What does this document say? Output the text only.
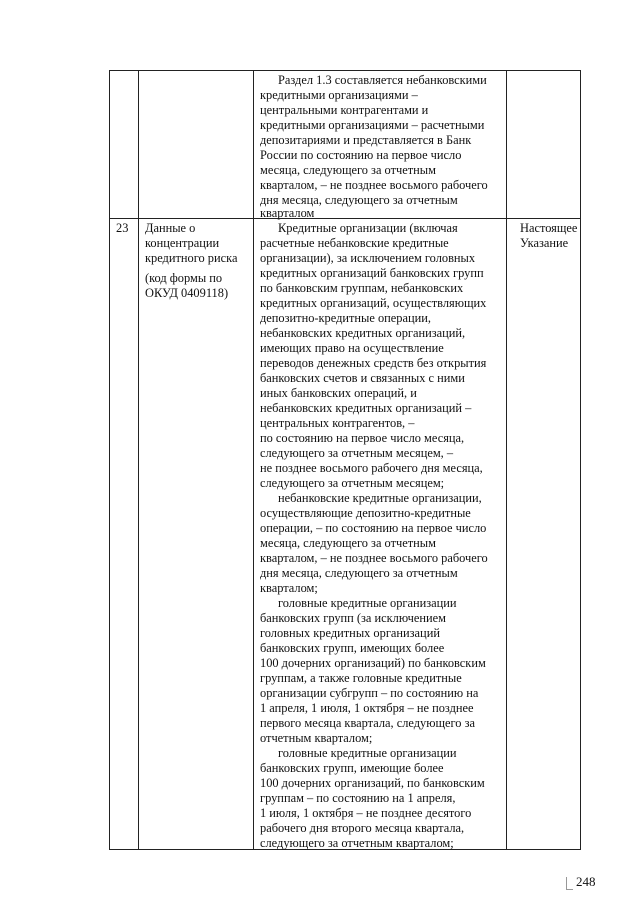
Раздел 1.3 составляется небанковскими
кредитными организациями –
центральными контрагентами и
кредитными организациями – расчетными
депозитариями и представляется в Банк
России по состоянию на первое число
месяца, следующего за отчетным
кварталом, – не позднее восьмого рабочего
дня месяца, следующего за отчетным
кварталом
23 Данные о
концентрации
кредитного риска
(код формы по
ОКУД 0409118)
Настоящее
Указание
Кредитные организации (включая
расчетные небанковские кредитные
организации), за исключением головных
кредитных организаций банковских групп
по банковским группам, небанковских
кредитных организаций, осуществляющих
депозитно-кредитные операции,
небанковских кредитных организаций,
имеющих право на осуществление
переводов денежных средств без открытия
банковских счетов и связанных с ними
иных банковских операций, и
небанковских кредитных организаций –
центральных контрагентов, –
по состоянию на первое число месяца,
следующего за отчетным месяцем, –
не позднее восьмого рабочего дня месяца,
следующего за отчетным месяцем;
небанковские кредитные организации,
осуществляющие депозитно-кредитные
операции, – по состоянию на первое число
месяца, следующего за отчетным
кварталом, – не позднее восьмого рабочего
дня месяца, следующего за отчетным
кварталом;
головные кредитные организации
банковских групп (за исключением
головных кредитных организаций
банковских групп, имеющих более
100 дочерних организаций) по банковским
группам, а также головные кредитные
организации субгрупп – по состоянию на
1 апреля, 1 июля, 1 октября – не позднее
первого месяца квартала, следующего за
отчетным кварталом;
головные кредитные организации
банковских групп, имеющие более
100 дочерних организаций, по банковским
группам – по состоянию на 1 апреля,
1 июля, 1 октября – не позднее десятого
рабочего дня второго месяца квартала,
следующего за отчетным кварталом;
248
